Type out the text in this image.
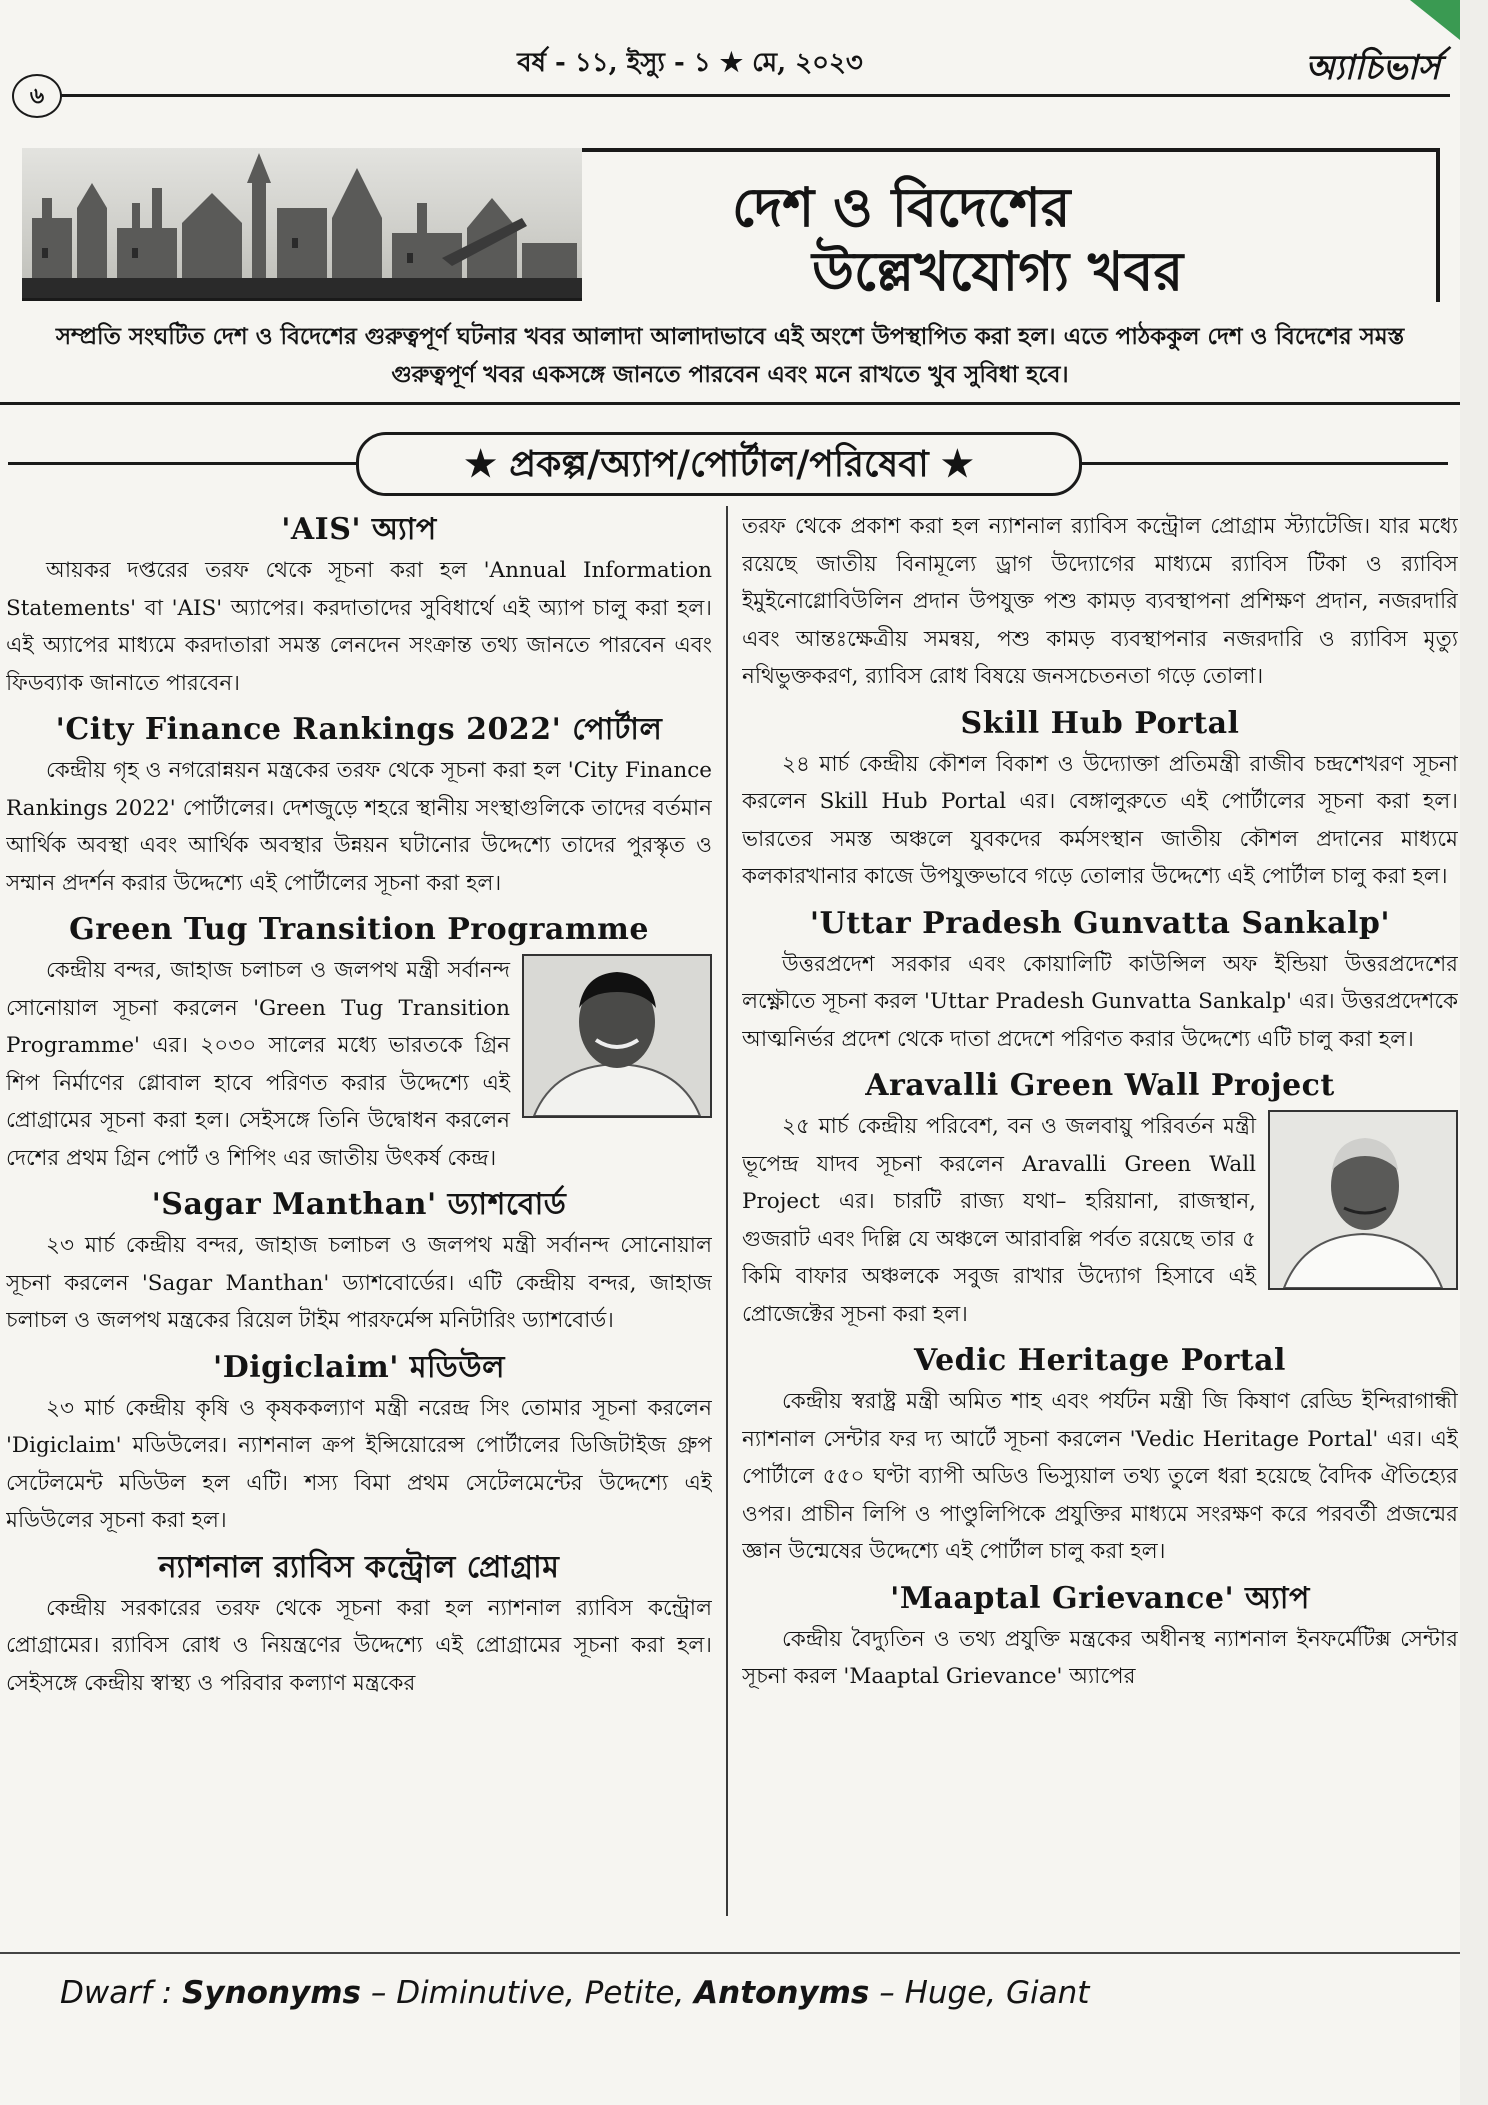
৬
বর্ষ - ১১, ইস্যু - ১ ★ মে, ২০২৩	অ্যাচিভার্স
দেশ ও বিদেশের
উল্লেখযোগ্য খবর
সম্প্রতি সংঘটিত দেশ ও বিদেশের গুরুত্বপূর্ণ ঘটনার খবর আলাদা আলাদাভাবে এই অংশে উপস্থাপিত করা হল। এতে পাঠককুল দেশ ও বিদেশের সমস্ত গুরুত্বপূর্ণ খবর একসঙ্গে জানতে পারবেন এবং মনে রাখতে খুব সুবিধা হবে।
★ প্রকল্প/অ্যাপ/পোর্টাল/পরিষেবা ★
'AIS' অ্যাপ

আয়কর দপ্তরের তরফ থেকে সূচনা করা হল 'Annual Information Statements' বা 'AIS' অ্যাপের। করদাতাদের সুবিধার্থে এই অ্যাপ চালু করা হল। এই অ্যাপের মাধ্যমে করদাতারা সমস্ত লেনদেন সংক্রান্ত তথ্য জানতে পারবেন এবং ফিডব্যাক জানাতে পারবেন।

'City Finance Rankings 2022' পোর্টাল

কেন্দ্রীয় গৃহ ও নগরোন্নয়ন মন্ত্রকের তরফ থেকে সূচনা করা হল 'City Finance Rankings 2022' পোর্টালের। দেশজুড়ে শহরে স্থানীয় সংস্থাগুলিকে তাদের বর্তমান আর্থিক অবস্থা এবং আর্থিক অবস্থার উন্নয়ন ঘটানোর উদ্দেশ্যে তাদের পুরস্কৃত ও সম্মান প্রদর্শন করার উদ্দেশ্যে এই পোর্টালের সূচনা করা হল।

Green Tug Transition Programme

কেন্দ্রীয় বন্দর, জাহাজ চলাচল ও জলপথ মন্ত্রী সর্বানন্দ সোনোয়াল সূচনা করলেন 'Green Tug Transition Programme' এর। ২০৩০ সালের মধ্যে ভারতকে গ্রিন শিপ নির্মাণের গ্লোবাল হাবে পরিণত করার উদ্দেশ্যে এই প্রোগ্রামের সূচনা করা হল। সেইসঙ্গে তিনি উদ্বোধন করলেন দেশের প্রথম গ্রিন পোর্ট ও শিপিং এর জাতীয় উৎকর্ষ কেন্দ্র।

'Sagar Manthan' ড্যাশবোর্ড

২৩ মার্চ কেন্দ্রীয় বন্দর, জাহাজ চলাচল ও জলপথ মন্ত্রী সর্বানন্দ সোনোয়াল সূচনা করলেন 'Sagar Manthan' ড্যাশবোর্ডের। এটি কেন্দ্রীয় বন্দর, জাহাজ চলাচল ও জলপথ মন্ত্রকের রিয়েল টাইম পারফর্মেন্স মনিটারিং ড্যাশবোর্ড।

'Digiclaim' মডিউল

২৩ মার্চ কেন্দ্রীয় কৃষি ও কৃষককল্যাণ মন্ত্রী নরেন্দ্র সিং তোমার সূচনা করলেন 'Digiclaim' মডিউলের। ন্যাশনাল ক্রপ ইন্সিয়োরেন্স পোর্টালের ডিজিটাইজ গ্রুপ সেটেলমেন্ট মডিউল হল এটি। শস্য বিমা প্রথম সেটেলমেন্টের উদ্দেশ্যে এই মডিউলের সূচনা করা হল।

ন্যাশনাল র‍্যাবিস কন্ট্রোল প্রোগ্রাম

কেন্দ্রীয় সরকারের তরফ থেকে সূচনা করা হল ন্যাশনাল র‍্যাবিস কন্ট্রোল প্রোগ্রামের। র‍্যাবিস রোধ ও নিয়ন্ত্রণের উদ্দেশ্যে এই প্রোগ্রামের সূচনা করা হল। সেইসঙ্গে কেন্দ্রীয় স্বাস্থ্য ও পরিবার কল্যাণ মন্ত্রকের

তরফ থেকে প্রকাশ করা হল ন্যাশনাল র‍্যাবিস কন্ট্রোল প্রোগ্রাম স্ট্যাটেজি। যার মধ্যে রয়েছে জাতীয় বিনামূল্যে ড্রাগ উদ্যোগের মাধ্যমে র‍্যাবিস টিকা ও র‍্যাবিস ইমুইনোগ্লোবিউলিন প্রদান উপযুক্ত পশু কামড় ব্যবস্থাপনা প্রশিক্ষণ প্রদান, নজরদারি এবং আন্তঃক্ষেত্রীয় সমন্বয়, পশু কামড় ব্যবস্থাপনার নজরদারি ও র‍্যাবিস মৃত্যু নথিভুক্তকরণ, র‍্যাবিস রোধ বিষয়ে জনসচেতনতা গড়ে তোলা।

Skill Hub Portal

২৪ মার্চ কেন্দ্রীয় কৌশল বিকাশ ও উদ্যোক্তা প্রতিমন্ত্রী রাজীব চন্দ্রশেখরণ সূচনা করলেন Skill Hub Portal এর। বেঙ্গালুরুতে এই পোর্টালের সূচনা করা হল। ভারতের সমস্ত অঞ্চলে যুবকদের কর্মসংস্থান জাতীয় কৌশল প্রদানের মাধ্যমে কলকারখানার কাজে উপযুক্তভাবে গড়ে তোলার উদ্দেশ্যে এই পোর্টাল চালু করা হল।

'Uttar Pradesh Gunvatta Sankalp'

উত্তরপ্রদেশ সরকার এবং কোয়ালিটি কাউন্সিল অফ ইন্ডিয়া উত্তরপ্রদেশের লক্ষ্ণৌতে সূচনা করল 'Uttar Pradesh Gunvatta Sankalp' এর। উত্তরপ্রদেশকে আত্মনির্ভর প্রদেশ থেকে দাতা প্রদেশে পরিণত করার উদ্দেশ্যে এটি চালু করা হল।

Aravalli Green Wall Project

২৫ মার্চ কেন্দ্রীয় পরিবেশ, বন ও জলবায়ু পরিবর্তন মন্ত্রী ভূপেন্দ্র যাদব সূচনা করলেন Aravalli Green Wall Project এর। চারটি রাজ্য যথা– হরিয়ানা, রাজস্থান, গুজরাট এবং দিল্লি যে অঞ্চলে আরাবল্লি পর্বত রয়েছে তার ৫ কিমি বাফার অঞ্চলকে সবুজ রাখার উদ্যোগ হিসাবে এই প্রোজেক্টের সূচনা করা হল।

Vedic Heritage Portal

কেন্দ্রীয় স্বরাষ্ট্র মন্ত্রী অমিত শাহ এবং পর্যটন মন্ত্রী জি কিষাণ রেড্ডি ইন্দিরাগান্ধী ন্যাশনাল সেন্টার ফর দ্য আর্টে সূচনা করলেন 'Vedic Heritage Portal' এর। এই পোর্টালে ৫৫০ ঘণ্টা ব্যাপী অডিও ভিস্যুয়াল তথ্য তুলে ধরা হয়েছে বৈদিক ঐতিহ্যের ওপর। প্রাচীন লিপি ও পাণ্ডুলিপিকে প্রযুক্তির মাধ্যমে সংরক্ষণ করে পরবর্তী প্রজন্মের জ্ঞান উন্মেষের উদ্দেশ্যে এই পোর্টাল চালু করা হল।

'Maaptal Grievance' অ্যাপ

কেন্দ্রীয় বৈদ্যুতিন ও তথ্য প্রযুক্তি মন্ত্রকের অধীনস্থ ন্যাশনাল ইনফর্মেটিক্স সেন্টার সূচনা করল 'Maaptal Grievance' অ্যাপের

Dwarf : Synonyms – Diminutive, Petite, Antonyms – Huge, Giant
